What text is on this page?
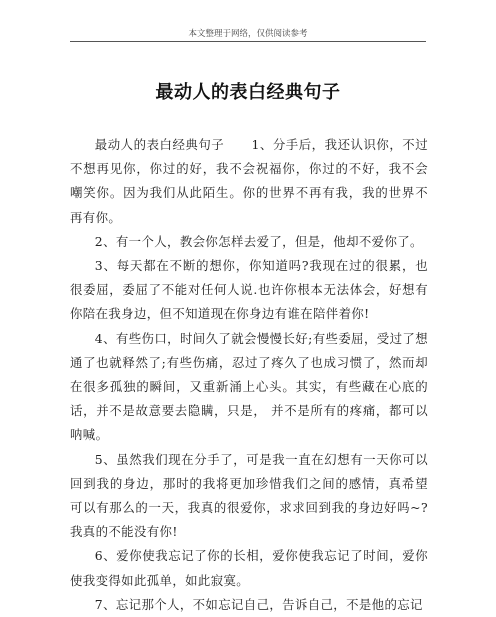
本文整理于网络，仅供阅读参考
最动人的表白经典句子

最动人的表白经典句子 1、分手后，我还认识你，不过不想再见你，你过的好，我不会祝福你，你过的不好，我不会嘲笑你。因为我们从此陌生。你的世界不再有我，我的世界不再有你。

2、有一个人，教会你怎样去爱了，但是，他却不爱你了。

3、每天都在不断的想你，你知道吗?我现在过的很累，也很委屈，委屈了不能对任何人说.也许你根本无法体会，好想有你陪在我身边，但不知道现在你身边有谁在陪伴着你!

4、有些伤口，时间久了就会慢慢长好;有些委屈，受过了想通了也就释然了;有些伤痛，忍过了疼久了也成习惯了，然而却在很多孤独的瞬间，又重新涌上心头。其实，有些藏在心底的话，并不是故意要去隐瞒，只是， 并不是所有的疼痛，都可以呐喊。

5、虽然我们现在分手了，可是我一直在幻想有一天你可以回到我的身边，那时的我将更加珍惜我们之间的感情，真希望可以有那么的一天，我真的很爱你，求求回到我的身边好吗~?我真的不能没有你!

6、爱你使我忘记了你的长相，爱你使我忘记了时间，爱你使我变得如此孤单，如此寂寞。

7、忘记那个人，不如忘记自己，告诉自己，不是他的忘记
